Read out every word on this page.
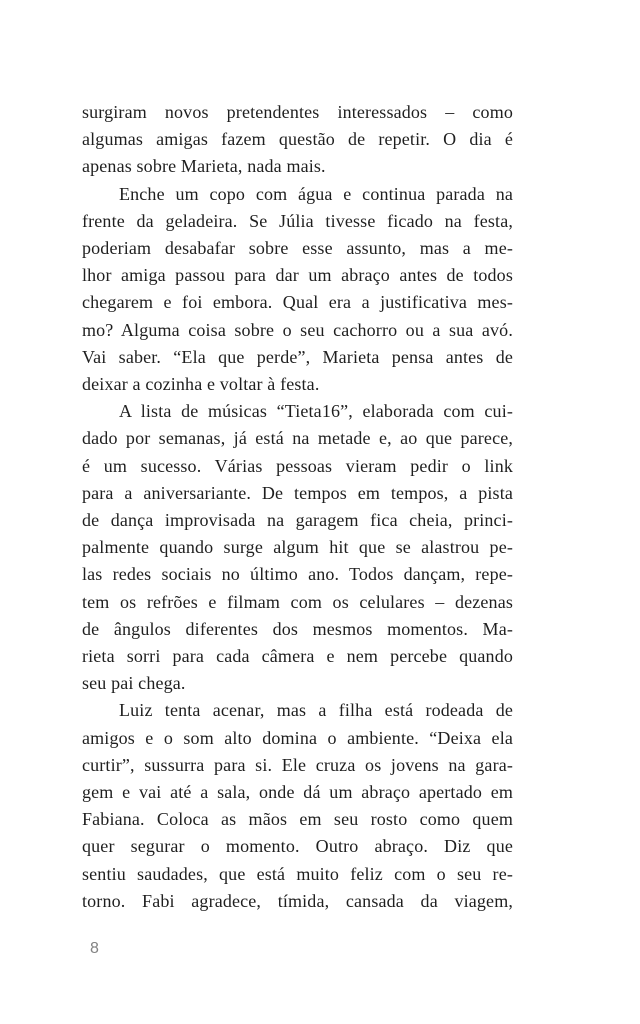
surgiram novos pretendentes interessados – como
algumas amigas fazem questão de repetir. O dia é
apenas sobre Marieta, nada mais.
Enche um copo com água e continua parada na
frente da geladeira. Se Júlia tivesse ficado na festa,
poderiam desabafar sobre esse assunto, mas a me-
lhor amiga passou para dar um abraço antes de todos
chegarem e foi embora. Qual era a justificativa mes-
mo? Alguma coisa sobre o seu cachorro ou a sua avó.
Vai saber. “Ela que perde”, Marieta pensa antes de
deixar a cozinha e voltar à festa.
A lista de músicas “Tieta16”, elaborada com cui-
dado por semanas, já está na metade e, ao que parece,
é um sucesso. Várias pessoas vieram pedir o link
para a aniversariante. De tempos em tempos, a pista
de dança improvisada na garagem fica cheia, princi-
palmente quando surge algum hit que se alastrou pe-
las redes sociais no último ano. Todos dançam, repe-
tem os refrões e filmam com os celulares – dezenas
de ângulos diferentes dos mesmos momentos. Ma-
rieta sorri para cada câmera e nem percebe quando
seu pai chega.
Luiz tenta acenar, mas a filha está rodeada de
amigos e o som alto domina o ambiente. “Deixa ela
curtir”, sussurra para si. Ele cruza os jovens na gara-
gem e vai até a sala, onde dá um abraço apertado em
Fabiana. Coloca as mãos em seu rosto como quem
quer segurar o momento. Outro abraço. Diz que
sentiu saudades, que está muito feliz com o seu re-
torno. Fabi agradece, tímida, cansada da viagem,
8
